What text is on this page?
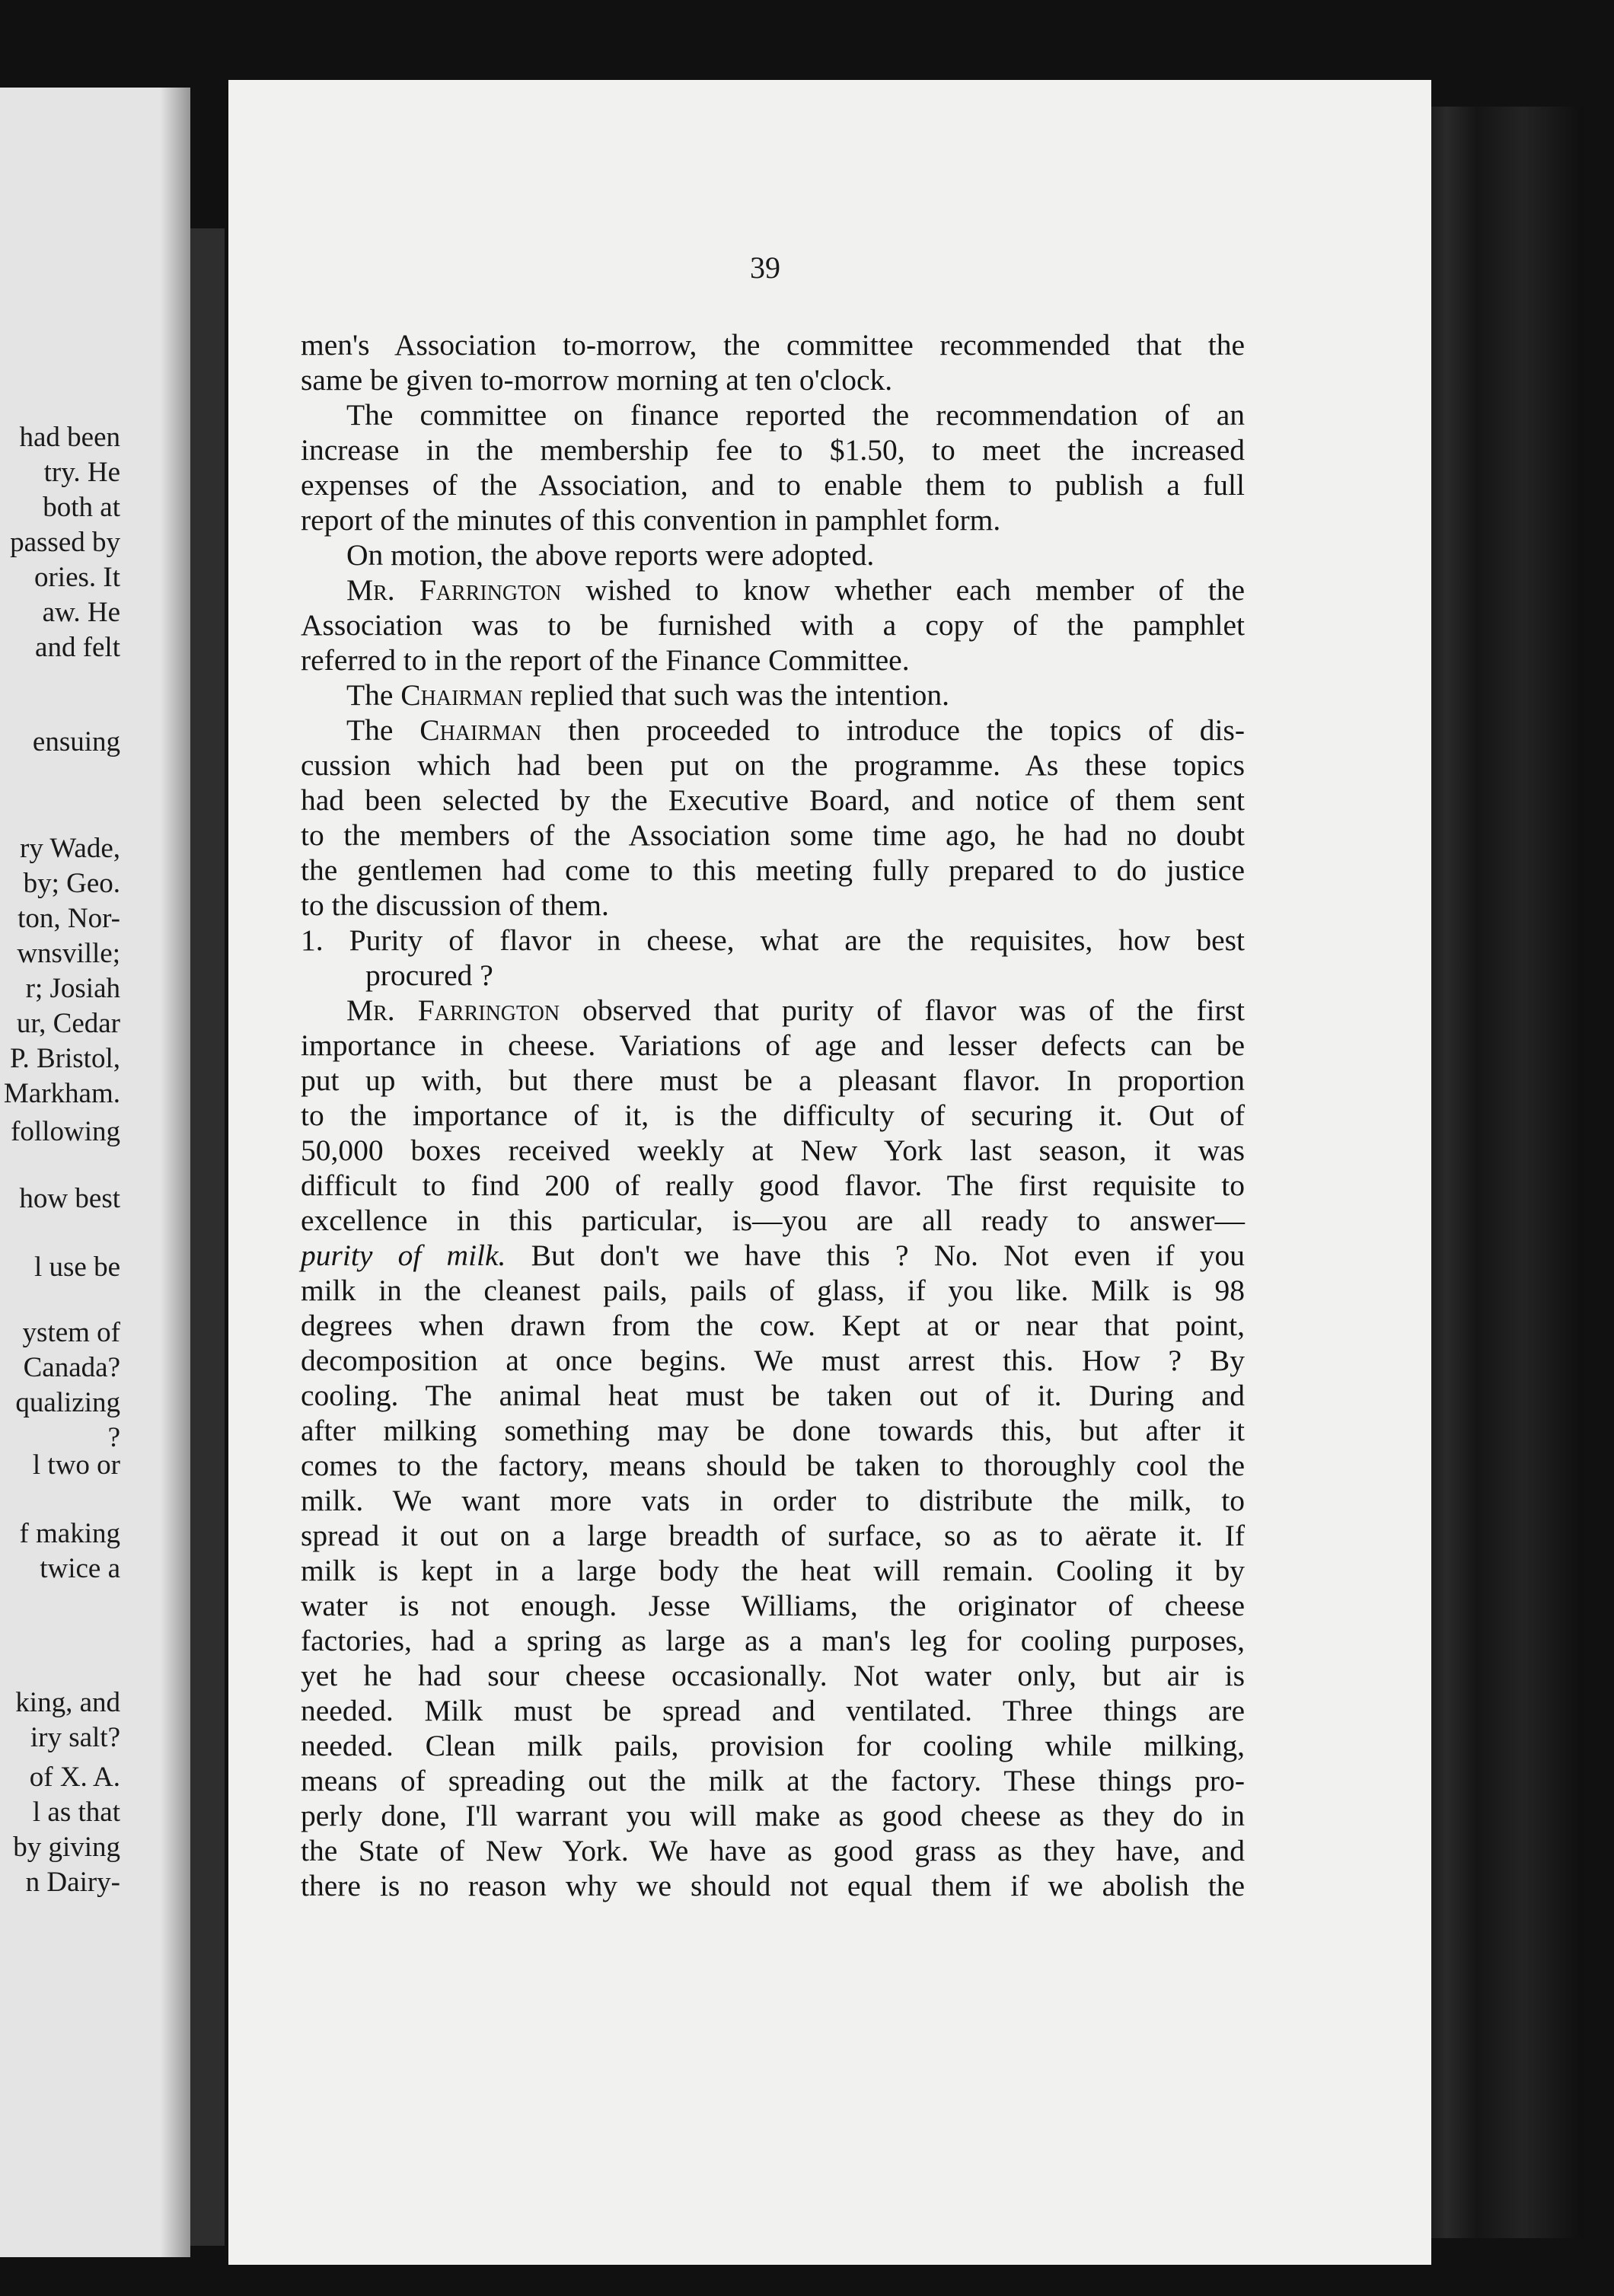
had been
try. He
both at
passed by
ories. It
aw. He
and felt
ensuing
ry Wade,
by; Geo.
ton, Nor-
wnsville;
r; Josiah
ur, Cedar
P. Bristol,
Markham.
following
how best
l use be
ystem of
Canada?
qualizing
?
l two or
f making
twice a
king, and
iry salt?
of X. A.
l as that
by giving
n Dairy-
39
men's Association to-morrow, the committee recommended that the
same be given to-morrow morning at ten o'clock.
The committee on finance reported the recommendation of an
increase in the membership fee to $1.50, to meet the increased
expenses of the Association, and to enable them to publish a full
report of the minutes of this convention in pamphlet form.
On motion, the above reports were adopted.
Mr. Farrington wished to know whether each member of the
Association was to be furnished with a copy of the pamphlet
referred to in the report of the Finance Committee.
The Chairman replied that such was the intention.
The Chairman then proceeded to introduce the topics of dis-
cussion which had been put on the programme. As these topics
had been selected by the Executive Board, and notice of them sent
to the members of the Association some time ago, he had no doubt
the gentlemen had come to this meeting fully prepared to do justice
to the discussion of them.
1. Purity of flavor in cheese, what are the requisites, how best
procured ?
Mr. Farrington observed that purity of flavor was of the first
importance in cheese. Variations of age and lesser defects can be
put up with, but there must be a pleasant flavor. In proportion
to the importance of it, is the difficulty of securing it. Out of
50,000 boxes received weekly at New York last season, it was
difficult to find 200 of really good flavor. The first requisite to
excellence in this particular, is—you are all ready to answer—
purity of milk. But don't we have this ? No. Not even if you
milk in the cleanest pails, pails of glass, if you like. Milk is 98
degrees when drawn from the cow. Kept at or near that point,
decomposition at once begins. We must arrest this. How ? By
cooling. The animal heat must be taken out of it. During and
after milking something may be done towards this, but after it
comes to the factory, means should be taken to thoroughly cool the
milk. We want more vats in order to distribute the milk, to
spread it out on a large breadth of surface, so as to aërate it. If
milk is kept in a large body the heat will remain. Cooling it by
water is not enough. Jesse Williams, the originator of cheese
factories, had a spring as large as a man's leg for cooling purposes,
yet he had sour cheese occasionally. Not water only, but air is
needed. Milk must be spread and ventilated. Three things are
needed. Clean milk pails, provision for cooling while milking,
means of spreading out the milk at the factory. These things pro-
perly done, I'll warrant you will make as good cheese as they do in
the State of New York. We have as good grass as they have, and
there is no reason why we should not equal them if we abolish the
